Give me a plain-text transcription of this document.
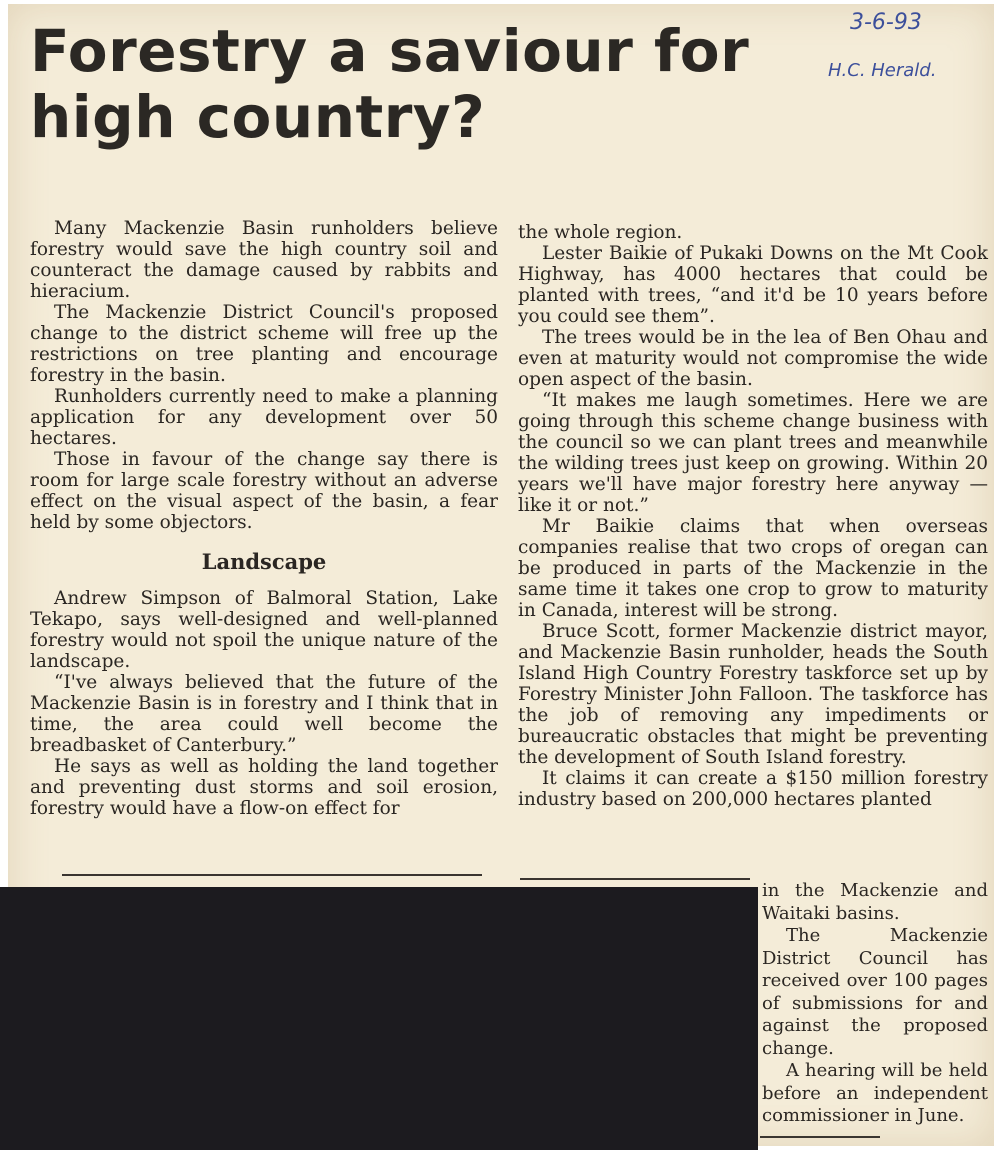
Forestry a saviour for high country?
3-6-93
H.C. Herald.

Many Mackenzie Basin runholders believe forestry would save the high country soil and counteract the damage caused by rabbits and hieracium.

The Mackenzie District Council's proposed change to the district scheme will free up the restrictions on tree planting and encourage forestry in the basin.

Runholders currently need to make a planning application for any development over 50 hectares.

Those in favour of the change say there is room for large scale forestry without an adverse effect on the visual aspect of the basin, a fear held by some objectors.

Landscape

Andrew Simpson of Balmoral Station, Lake Tekapo, says well-designed and well-planned forestry would not spoil the unique nature of the landscape.

“I've always believed that the future of the Mackenzie Basin is in forestry and I think that in time, the area could well become the breadbasket of Canterbury.”

He says as well as holding the land together and preventing dust storms and soil erosion, forestry would have a flow-on effect for

the whole region.

Lester Baikie of Pukaki Downs on the Mt Cook Highway, has 4000 hectares that could be planted with trees, “and it'd be 10 years before you could see them”.

The trees would be in the lea of Ben Ohau and even at maturity would not compromise the wide open aspect of the basin.

“It makes me laugh sometimes. Here we are going through this scheme change business with the council so we can plant trees and meanwhile the wilding trees just keep on growing. Within 20 years we'll have major forestry here anyway — like it or not.”

Mr Baikie claims that when overseas companies realise that two crops of oregan can be produced in parts of the Mackenzie in the same time it takes one crop to grow to maturity in Canada, interest will be strong.

Bruce Scott, former Mackenzie district mayor, and Mackenzie Basin runholder, heads the South Island High Country Forestry taskforce set up by Forestry Minister John Falloon. The taskforce has the job of removing any impediments or bureaucratic obstacles that might be preventing the development of South Island forestry.

It claims it can create a $150 million forestry industry based on 200,000 hectares planted

in the Mackenzie and Waitaki basins.

The Mackenzie District Council has received over 100 pages of submissions for and against the proposed change.

A hearing will be held before an independent commissioner in June.
